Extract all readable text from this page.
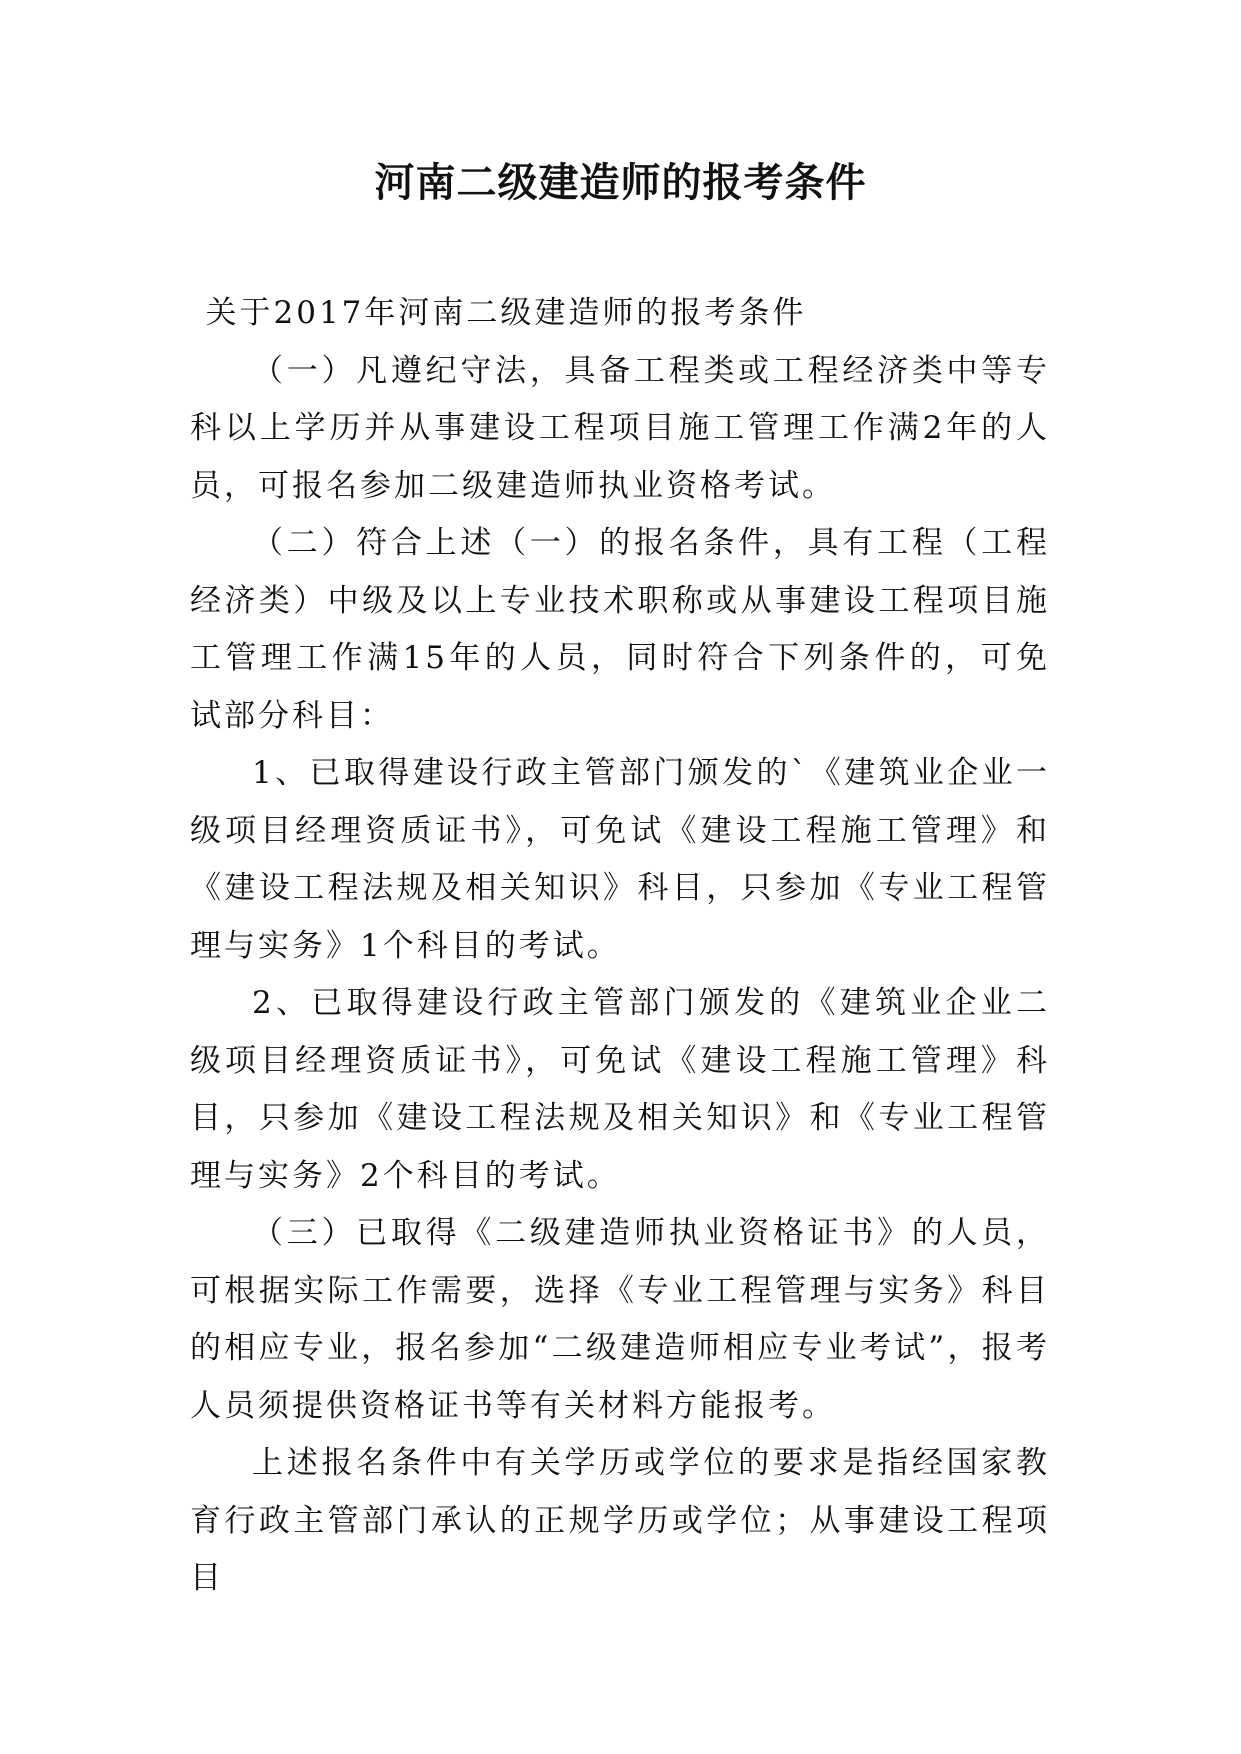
河南二级建造师的报考条件

关于2017年河南二级建造师的报考条件

（一）凡遵纪守法，具备工程类或工程经济类中等专科以上学历并从事建设工程项目施工管理工作满2年的人员，可报名参加二级建造师执业资格考试。

（二）符合上述（一）的报名条件，具有工程（工程经济类）中级及以上专业技术职称或从事建设工程项目施工管理工作满15年的人员，同时符合下列条件的，可免试部分科目：

1、已取得建设行政主管部门颁发的`《建筑业企业一级项目经理资质证书》，可免试《建设工程施工管理》和《建设工程法规及相关知识》科目，只参加《专业工程管理与实务》1个科目的考试。

2、已取得建设行政主管部门颁发的《建筑业企业二级项目经理资质证书》，可免试《建设工程施工管理》科目，只参加《建设工程法规及相关知识》和《专业工程管理与实务》2个科目的考试。

（三）已取得《二级建造师执业资格证书》的人员，可根据实际工作需要，选择《专业工程管理与实务》科目的相应专业，报名参加“二级建造师相应专业考试”，报考人员须提供资格证书等有关材料方能报考。

上述报名条件中有关学历或学位的要求是指经国家教育行政主管部门承认的正规学历或学位；从事建设工程项目
